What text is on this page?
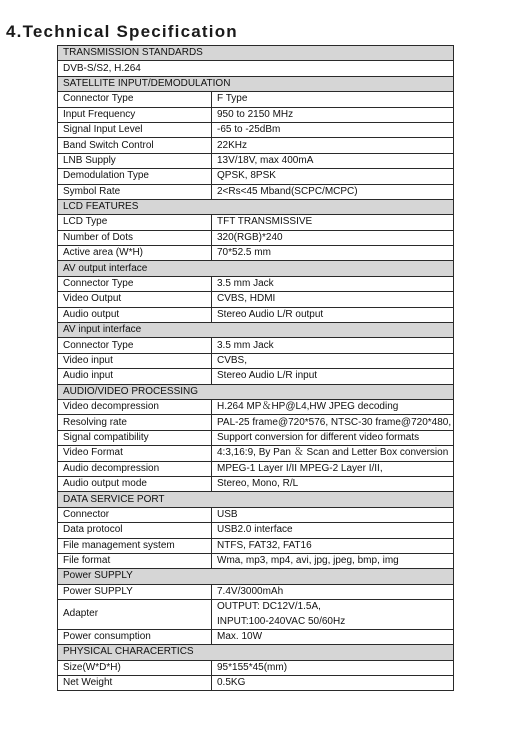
4.Technical Specification
TRANSMISSION STANDARDS	
DVB-S/S2, H.264	
SATELLITE INPUT/DEMODULATION	
Connector Type	F Type
Input Frequency	950 to 2150 MHz
Signal Input Level	-65 to -25dBm
Band Switch Control	22KHz
LNB Supply	13V/18V, max 400mA
Demodulation Type	QPSK, 8PSK
Symbol Rate	2<Rs<45 Mband(SCPC/MCPC)
LCD FEATURES	
LCD Type	TFT TRANSMISSIVE
Number of Dots	320(RGB)*240
Active area (W*H)	70*52.5 mm
AV output interface	
Connector Type	3.5 mm Jack
Video Output	CVBS, HDMI
Audio output	Stereo Audio L/R output
AV input interface	
Connector Type	3.5 mm Jack
Video input	CVBS,
Audio input	Stereo Audio L/R input
AUDIO/VIDEO PROCESSING	
Video decompression	H.264 MP＆HP@L4,HW JPEG decoding
Resolving rate	PAL-25 frame@720*576, NTSC-30 frame@720*480,
Signal compatibility	Support conversion for different video formats
Video Format	4:3,16:9, By Pan ＆ Scan and Letter Box conversion
Audio decompression	MPEG-1 Layer I/II MPEG-2 Layer I/II,
Audio output mode	Stereo, Mono, R/L
DATA SERVICE PORT	
Connector	USB
Data protocol	USB2.0 interface
File management system	NTFS, FAT32, FAT16
File format	Wma, mp3, mp4, avi, jpg, jpeg, bmp, img
Power SUPPLY	
Power SUPPLY	7.4V/3000mAh
Adapter	OUTPUT: DC12V/1.5A,
	INPUT:100-240VAC 50/60Hz
Power consumption	Max. 10W
PHYSICAL CHARACERTICS	
Size(W*D*H)	95*155*45(mm)
Net Weight	0.5KG
